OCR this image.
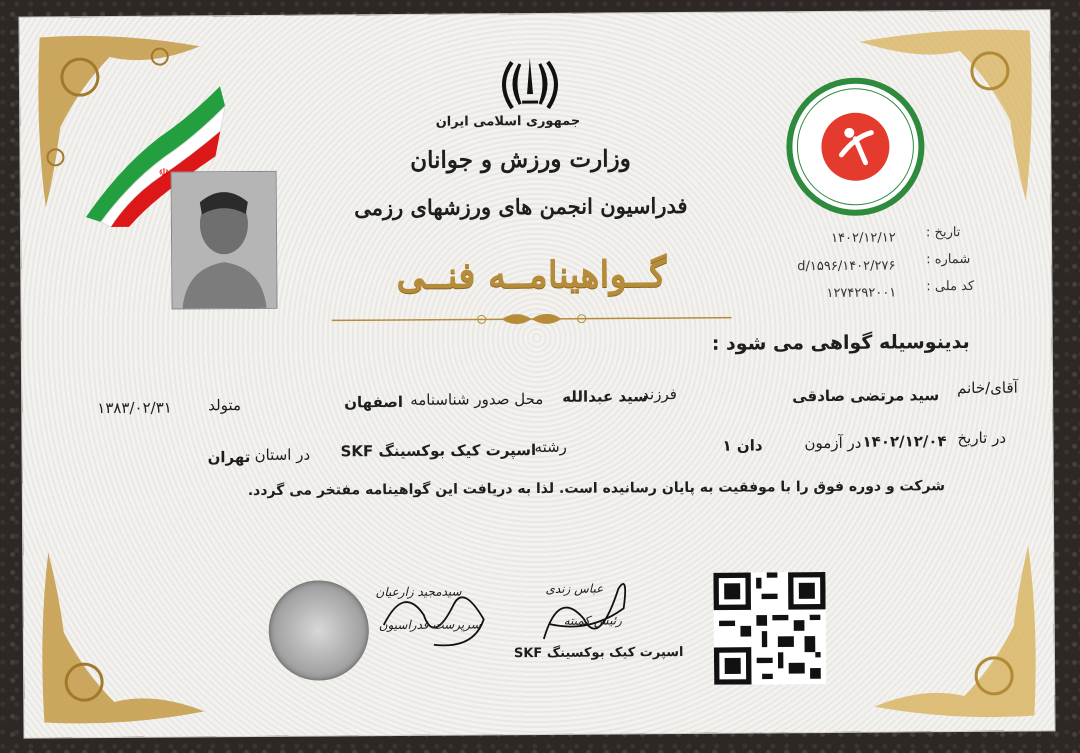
☫
جمهوری اسلامی ایران
وزارت ورزش و جوانان
فدراسیون انجمن های ورزشهای رزمی
گــواهینامــه فنــی
تاریخ :
۱۴۰۲/۱۲/۱۲
شماره :
۱۴۰۲/۲۷۶/d/۱۵۹۶
کد ملی :
۱۲۷۴۲۹۲۰۰۱
بدینوسیله گواهی می شود :
آقای/خانم
سید مرتضی صادقی
فرزند
سید عبدالله
محل صدور شناسنامه
اصفهان
متولد
۱۳۸۳/۰۲/۳۱
در تاریخ
۱۴۰۲/۱۲/۰۴
در آزمون
دان ۱
رشته
اسپرت کیک بوکسینگ SKF
در استان
تهران
شرکت و دوره فوق را با موفقیت به پایان رسانیده است. لذا به دریافت این گواهینامه مفتخر می گردد.
سیدمجید زارعیان
سرپرست فدراسیون
عباس زندی
رئیس کمیته
اسپرت کیک بوکسینگ SKF
